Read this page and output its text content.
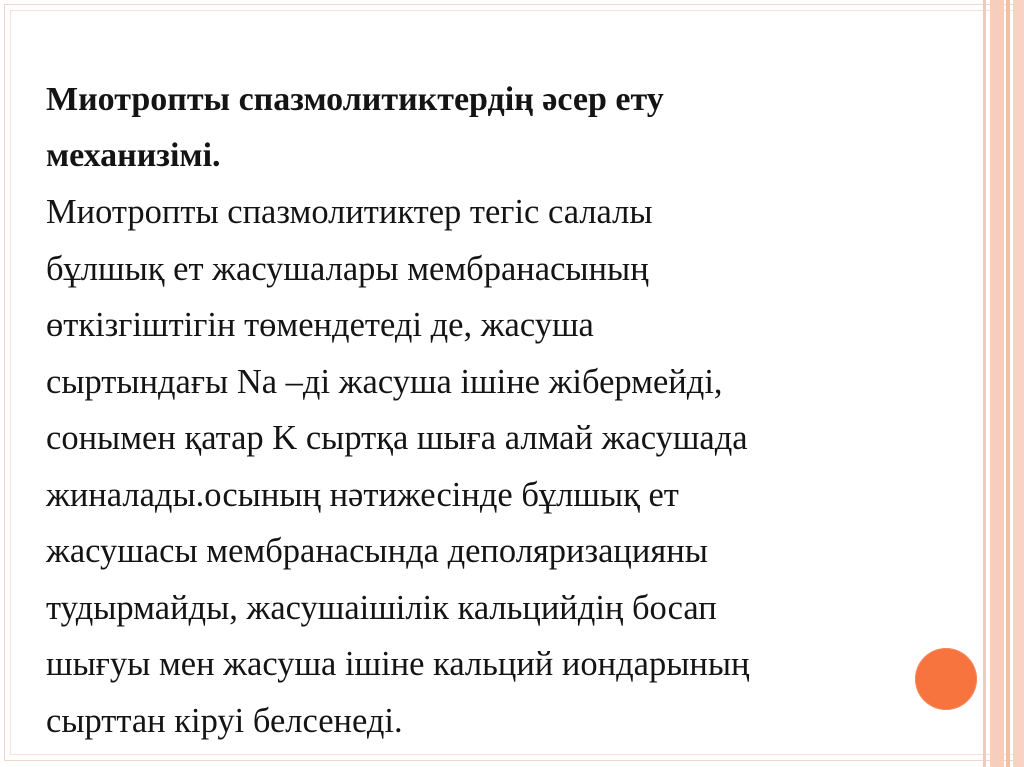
Миотропты спазмолитиктердің әсер ету
механизімі.
Миотропты спазмолитиктер тегіс салалы
бұлшық ет жасушалары мембранасының
өткізгіштігін төмендетеді де, жасуша
сыртындағы Na –ді жасуша ішіне жібермейді,
сонымен қатар K сыртқа шыға алмай жасушада
жиналады.осының нәтижесінде бұлшық ет
жасушасы мембранасында деполяризацияны
тудырмайды, жасушаішілік кальцийдің босап
шығуы мен жасуша ішіне кальций иондарының
сырттан кіруі белсенеді.
